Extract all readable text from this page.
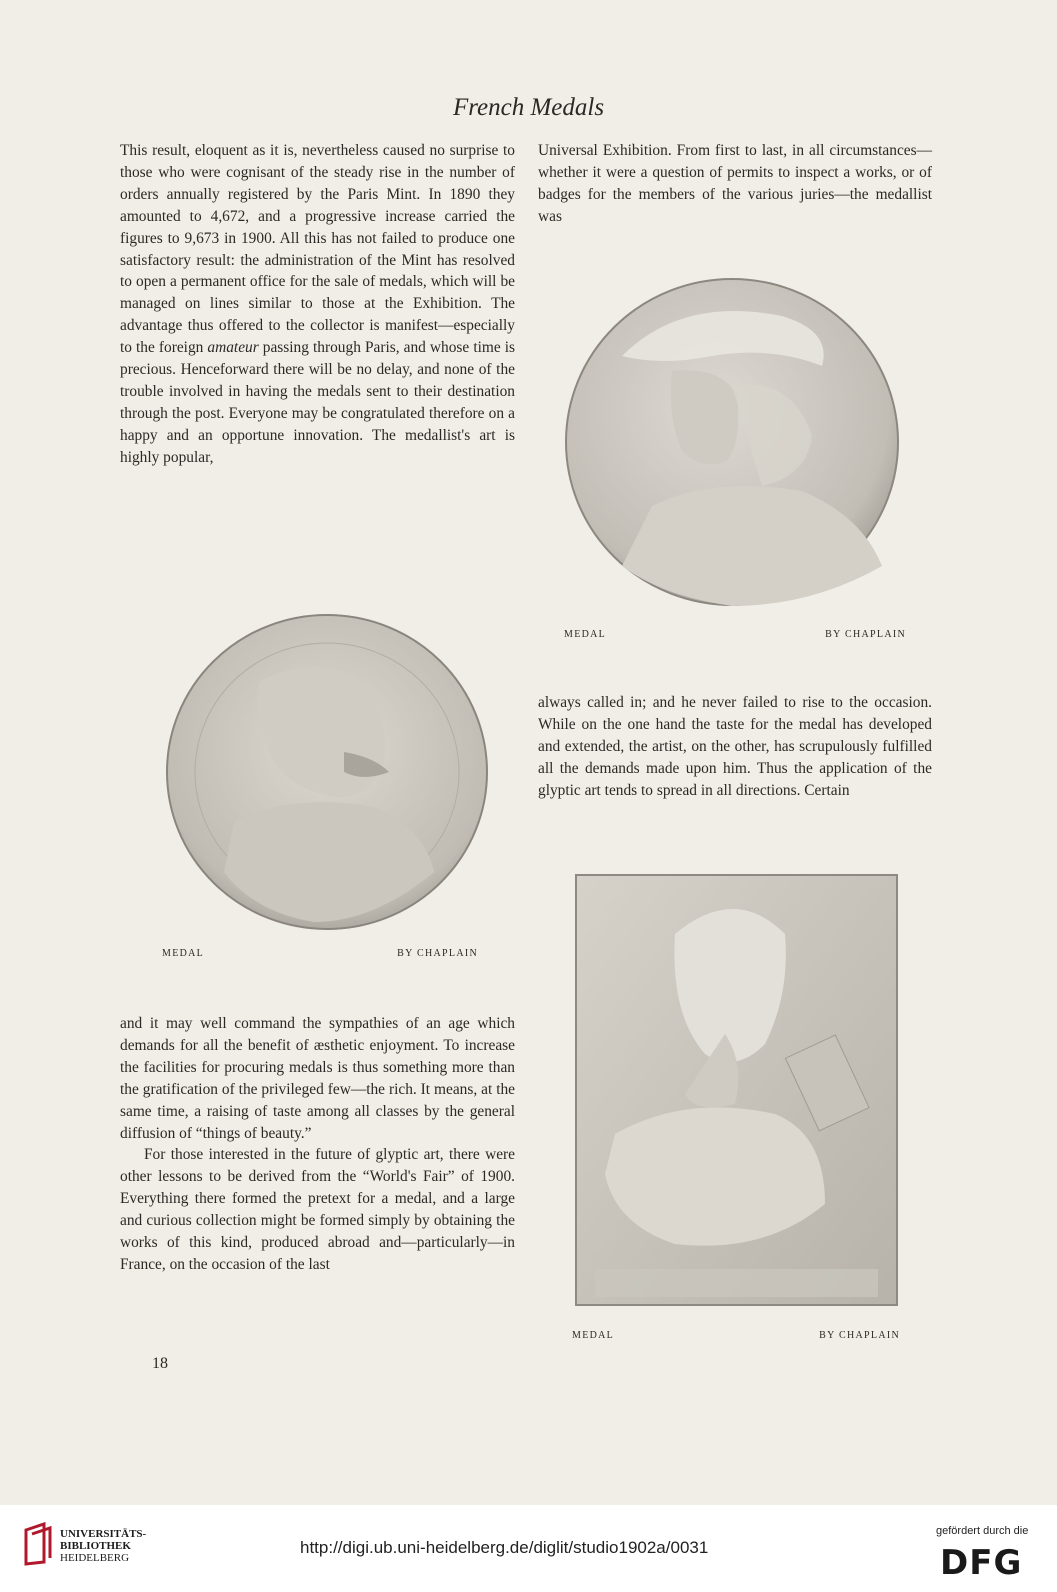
French Medals

This result, eloquent as it is, nevertheless caused no surprise to those who were cognisant of the steady rise in the number of orders annually registered by the Paris Mint. In 1890 they amounted to 4,672, and a progressive increase carried the figures to 9,673 in 1900. All this has not failed to produce one satisfactory result: the administration of the Mint has resolved to open a permanent office for the sale of medals, which will be managed on lines similar to those at the Exhibition. The advantage thus offered to the collector is manifest—especially to the foreign amateur passing through Paris, and whose time is precious. Henceforward there will be no delay, and none of the trouble involved in having the medals sent to their destination through the post. Everyone may be congratulated therefore on a happy and an opportune innovation. The medallist's art is highly popular,

Universal Exhibition. From first to last, in all circumstances—whether it were a question of permits to inspect a works, or of badges for the members of the various juries—the medallist was

MEDAL	BY CHAPLAIN
MEDAL	BY CHAPLAIN

always called in; and he never failed to rise to the occasion. While on the one hand the taste for the medal has developed and extended, the artist, on the other, has scrupulously fulfilled all the demands made upon him. Thus the application of the glyptic art tends to spread in all directions. Certain

MEDAL	BY CHAPLAIN

and it may well command the sympathies of an age which demands for all the benefit of æsthetic enjoyment. To increase the facilities for procuring medals is thus something more than the gratification of the privileged few—the rich. It means, at the same time, a raising of taste among all classes by the general diffusion of “things of beauty.”

For those interested in the future of glyptic art, there were other lessons to be derived from the “World's Fair” of 1900. Everything there formed the pretext for a medal, and a large and curious collection might be formed simply by obtaining the works of this kind, produced abroad and—particularly—in France, on the occasion of the last

18
UNIVERSITÄTS-
BIBLIOTHEK
HEIDELBERG
http://digi.ub.uni-heidelberg.de/diglit/studio1902a/0031
gefördert durch die
DFG
